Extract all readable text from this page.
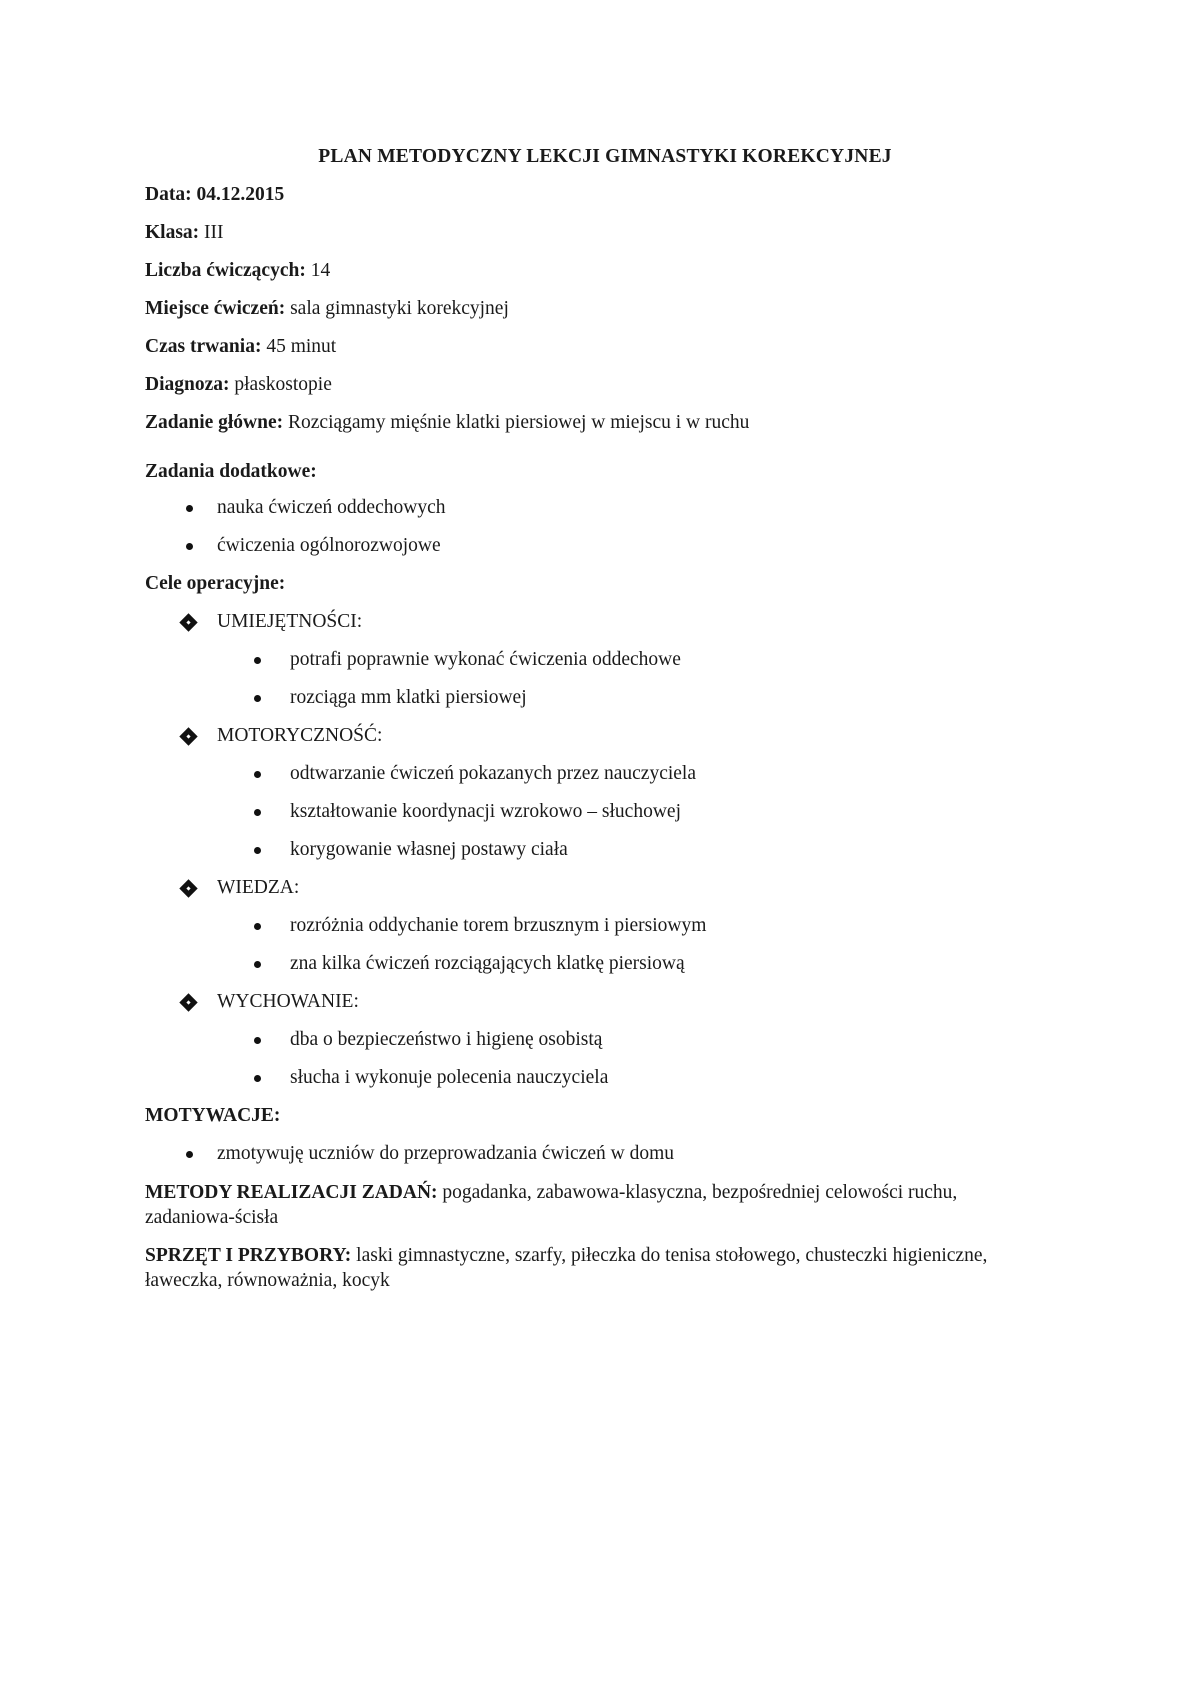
PLAN METODYCZNY LEKCJI GIMNASTYKI KOREKCYJNEJ
Data: 04.12.2015
Klasa: III
Liczba ćwiczących: 14
Miejsce ćwiczeń: sala gimnastyki korekcyjnej
Czas trwania: 45 minut
Diagnoza: płaskostopie
Zadanie główne: Rozciągamy mięśnie klatki piersiowej w miejscu i w ruchu
Zadania dodatkowe:
nauka ćwiczeń oddechowych
ćwiczenia ogólnorozwojowe
Cele operacyjne:
UMIEJĘTNOŚCI:
potrafi poprawnie wykonać ćwiczenia oddechowe
rozciąga mm klatki piersiowej
MOTORYCZNOŚĆ:
odtwarzanie ćwiczeń pokazanych przez nauczyciela
kształtowanie koordynacji wzrokowo – słuchowej
korygowanie własnej postawy ciała
WIEDZA:
rozróżnia oddychanie torem brzusznym i piersiowym
zna kilka ćwiczeń rozciągających klatkę piersiową
WYCHOWANIE:
dba o bezpieczeństwo i higienę osobistą
słucha i wykonuje polecenia nauczyciela
MOTYWACJE:
zmotywuję uczniów do przeprowadzania ćwiczeń w domu
METODY REALIZACJI ZADAŃ: pogadanka, zabawowa-klasyczna, bezpośredniej celowości ruchu, zadaniowa-ścisła
SPRZĘT I PRZYBORY: laski gimnastyczne, szarfy, piłeczka do tenisa stołowego, chusteczki higieniczne, ławeczka, równoważnia, kocyk
